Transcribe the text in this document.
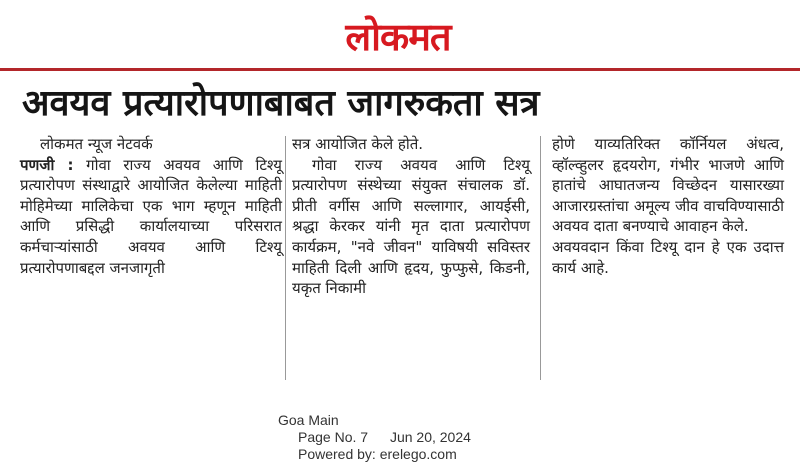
लोकमत
अवयव प्रत्यारोपणाबाबत जागरुकता सत्र
लोकमत न्यूज नेटवर्क

पणजी : गोवा राज्य अवयव आणि टिश्यू प्रत्यारोपण संस्थाद्वारे आयोजित केलेल्या माहिती मोहिमेच्या मालिकेचा एक भाग म्हणून माहिती आणि प्रसिद्धी कार्यालयाच्या परिसरात कर्मचाऱ्यांसाठी अवयव आणि टिश्यू प्रत्यारोपणाबद्दल जनजागृती

सत्र आयोजित केले होते.

गोवा राज्य अवयव आणि टिश्यू प्रत्यारोपण संस्थेच्या संयुक्त संचालक डॉ. प्रीती वर्गीस आणि सल्लागार, आयईसी, श्रद्धा केरकर यांनी मृत दाता प्रत्यारोपण कार्यक्रम, "नवे जीवन" याविषयी सविस्तर माहिती दिली आणि हृदय, फुप्फुसे, किडनी, यकृत निकामी

होणे याव्यतिरिक्त कॉर्नियल अंधत्व, व्हॉल्व्हुलर हृदयरोग, गंभीर भाजणे आणि हातांचे आघातजन्य विच्छेदन यासारख्या आजारग्रस्तांचा अमूल्य जीव वाचविण्यासाठी अवयव दाता बनण्याचे आवाहन केले.

अवयवदान किंवा टिश्यू दान हे एक उदात्त कार्य आहे.

Goa Main
Page No. 7 Jun 20, 2024
Powered by: erelego.com
